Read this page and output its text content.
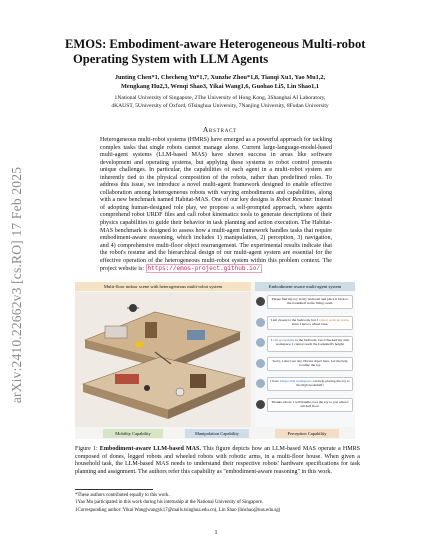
arXiv:2410.22662v3 [cs.RO] 17 Feb 2025
EMOS: Embodiment-aware Heterogeneous Multi-robot
Operating System with LLM Agents
Junting Chen*1, Checheng Yu*1,7, Xunzhe Zhou*1,8, Tianqi Xu1, Yao Mu1,2,
Mengkang Hu2,3, Wenqi Shao3, Yikai Wang1,6, Guohao Li5, Lin Shao1,1
1National University of Singapore, 2The University of Hong Kong, 3Shanghai AI Laboratory,
4KAUST, 5University of Oxford, 6Tsinghua University, 7Nanjing University, 8Fudan University
Abstract
Heterogeneous multi-robot systems (HMRS) have emerged as a powerful approach for tackling complex tasks that single robots cannot manage alone. Current large-language-model-based multi-agent systems (LLM-based MAS) have shown success in areas like software development and operating systems, but applying these systems to robot control presents unique challenges. In particular, the capabilities of each agent in a multi-robot system are inherently tied to the physical composition of the robots, rather than predefined roles. To address this issue, we introduce a novel multi-agent framework designed to enable effective collaboration among heterogeneous robots with varying embodiments and capabilities, along with a new benchmark named Habitat-MAS. One of our key designs is Robot Resume: Instead of adopting human-designed role play, we propose a self-prompted approach, where agents comprehend robot URDF files and call robot kinematics tools to generate descriptions of their physics capabilities to guide their behavior in task planning and action execution. The Habitat-MAS benchmark is designed to assess how a multi-agent framework handles tasks that require embodiment-aware reasoning, which includes 1) manipulation, 2) perception, 3) navigation, and 4) comprehensive multi-floor object rearrangement. The experimental results indicate that the robot's resume and the hierarchical design of our multi-agent system are essential for the effective operation of the heterogeneous multi-robot system within this problem context. The project website is: https://emos-project.github.io/
Multi-floor indoor scene with heterogeneous multi-robot system	Embodiment-aware multi-agent system
Please find my toy in my bedroom and place it back to the bookshelf in the living room.
I am closest to the bedroom, but I cannot walk up stairs, since I have a wheel base.
I can go upstairs to the bedroom, but I checked my arm workspace. I cannot reach the bookshelf's height.
Sorry, I don't see any vibrant object here. Let me help localize the toy.
I have longer arm workspace, can help placing the toy to the high bookshelf!
Thanks robots. I will handle over the toy to you when I am half floor.
Mobility Capability	Manipulation Capability	Perception Capability
Figure 1: Embodiment-aware LLM-based MAS. This figure depicts how an LLM-based MAS operate a HMRS composed of dones, legged robots and wheeled robots with robotic arms, in a multi-floor house. When given a household task, the LLM-based MAS needs to understand their respective robots' hardware specifications for task planning and assignment. The authors refer this capability as "embodiment-aware reasoning" in this work.
*These authors contributed equally to this work.
1Yao Mu participated in this work during his internship at the National University of Singapore.
1Corresponding author: Yikai Wang(wangyk17@mails.tsinghua.edu.cn), Lin Shao (linshao@nus.edu.sg)
1
